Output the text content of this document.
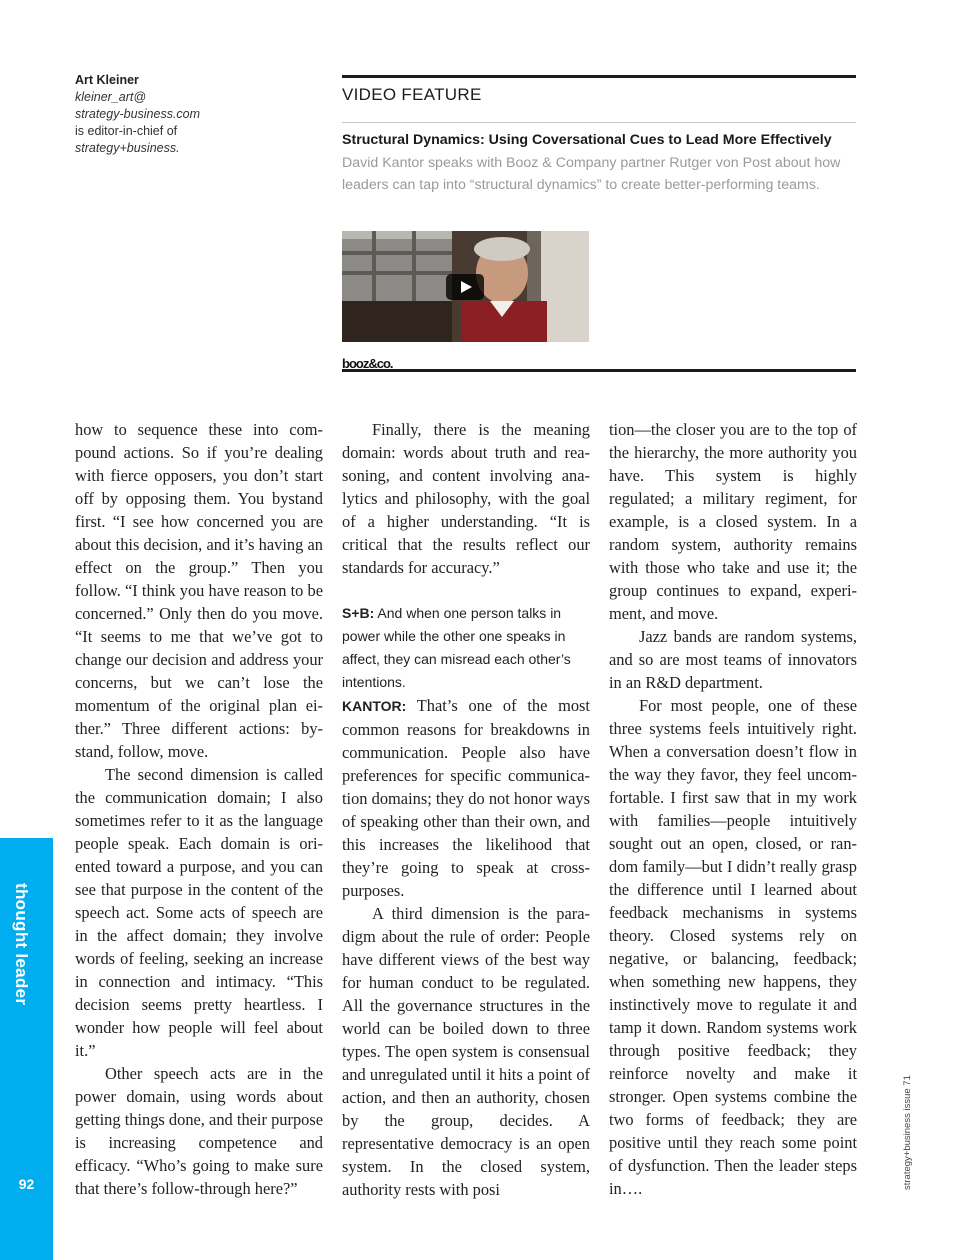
Art Kleiner
kleiner_art@
strategy-business.com
is editor-in-chief of
strategy+business.
VIDEO FEATURE
Structural Dynamics: Using Coversational Cues to Lead More Effectively
David Kantor speaks with Booz & Company partner Rutger von Post about how leaders can tap into “structural dynamics” to create better-performing teams.
booz&co.

how to sequence these into compound actions. So if you’re dealing with fierce opposers, you don’t start off by opposing them. You bystand first. “I see how concerned you are about this decision, and it’s having an effect on the group.” Then you follow. “I think you have reason to be concerned.” Only then do you move. “It seems to me that we’ve got to change our decision and address your concerns, but we can’t lose the momentum of the original plan either.” Three different actions: bystand, follow, move.

The second dimension is called the communication domain; I also sometimes refer to it as the language people speak. Each domain is oriented toward a purpose, and you can see that purpose in the content of the speech act. Some acts of speech are in the affect domain; they involve words of feeling, seeking an increase in connection and intimacy. “This decision seems pretty heartless. I wonder how people will feel about it.”

Other speech acts are in the power domain, using words about getting things done, and their purpose is increasing competence and efficacy. “Who’s going to make sure that there’s follow-through here?”

Finally, there is the meaning domain: words about truth and reasoning, and content involving analytics and philosophy, with the goal of a higher understanding. “It is critical that the results reflect our standards for accuracy.”

S+B: And when one person talks in power while the other one speaks in affect, they can misread each other’s intentions.

KANTOR: That’s one of the most common reasons for breakdowns in communication. People also have preferences for specific communication domains; they do not honor ways of speaking other than their own, and this increases the likelihood that they’re going to speak at cross-purposes.

A third dimension is the paradigm about the rule of order: People have different views of the best way for human conduct to be regulated. All the governance structures in the world can be boiled down to three types. The open system is consensual and unregulated until it hits a point of action, and then an authority, chosen by the group, decides. A representative democracy is an open system. In the closed system, authority rests with posi

tion—the closer you are to the top of the hierarchy, the more authority you have. This system is highly regulated; a military regiment, for example, is a closed system. In a random system, authority remains with those who take and use it; the group continues to expand, experiment, and move.

Jazz bands are random systems, and so are most teams of innovators in an R&D department.

For most people, one of these three systems feels intuitively right. When a conversation doesn’t flow in the way they favor, they feel uncomfortable. I first saw that in my work with families—people intuitively sought out an open, closed, or random family—but I didn’t really grasp the difference until I learned about feedback mechanisms in systems theory. Closed systems rely on negative, or balancing, feedback; when something new happens, they instinctively move to regulate it and tamp it down. Random systems work through positive feedback; they reinforce novelty and make it stronger. Open systems combine the two forms of feedback; they are positive until they reach some point of dysfunction. Then the leader steps in….

thought leader
92	strategy+business issue 71
